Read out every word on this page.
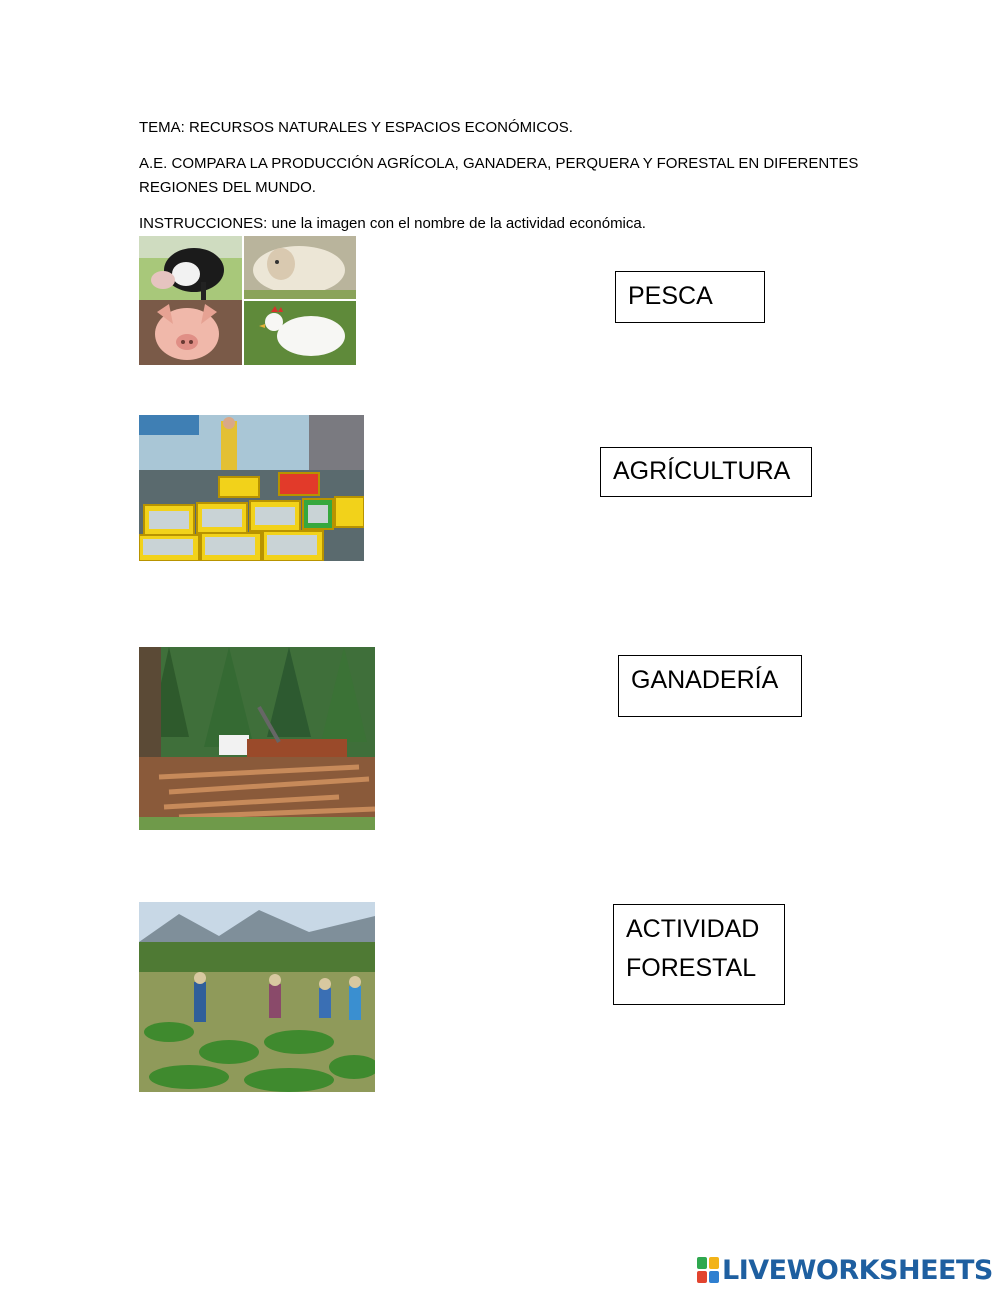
TEMA: RECURSOS NATURALES Y ESPACIOS ECONÓMICOS.
A.E. COMPARA LA PRODUCCIÓN AGRÍCOLA, GANADERA, PERQUERA Y FORESTAL EN DIFERENTES
REGIONES DEL MUNDO.
INSTRUCCIONES: une la imagen con el nombre de la actividad económica.
PESCA
AGRÍCULTURA
GANADERÍA
ACTIVIDAD
FORESTAL
LIVEWORKSHEETS
